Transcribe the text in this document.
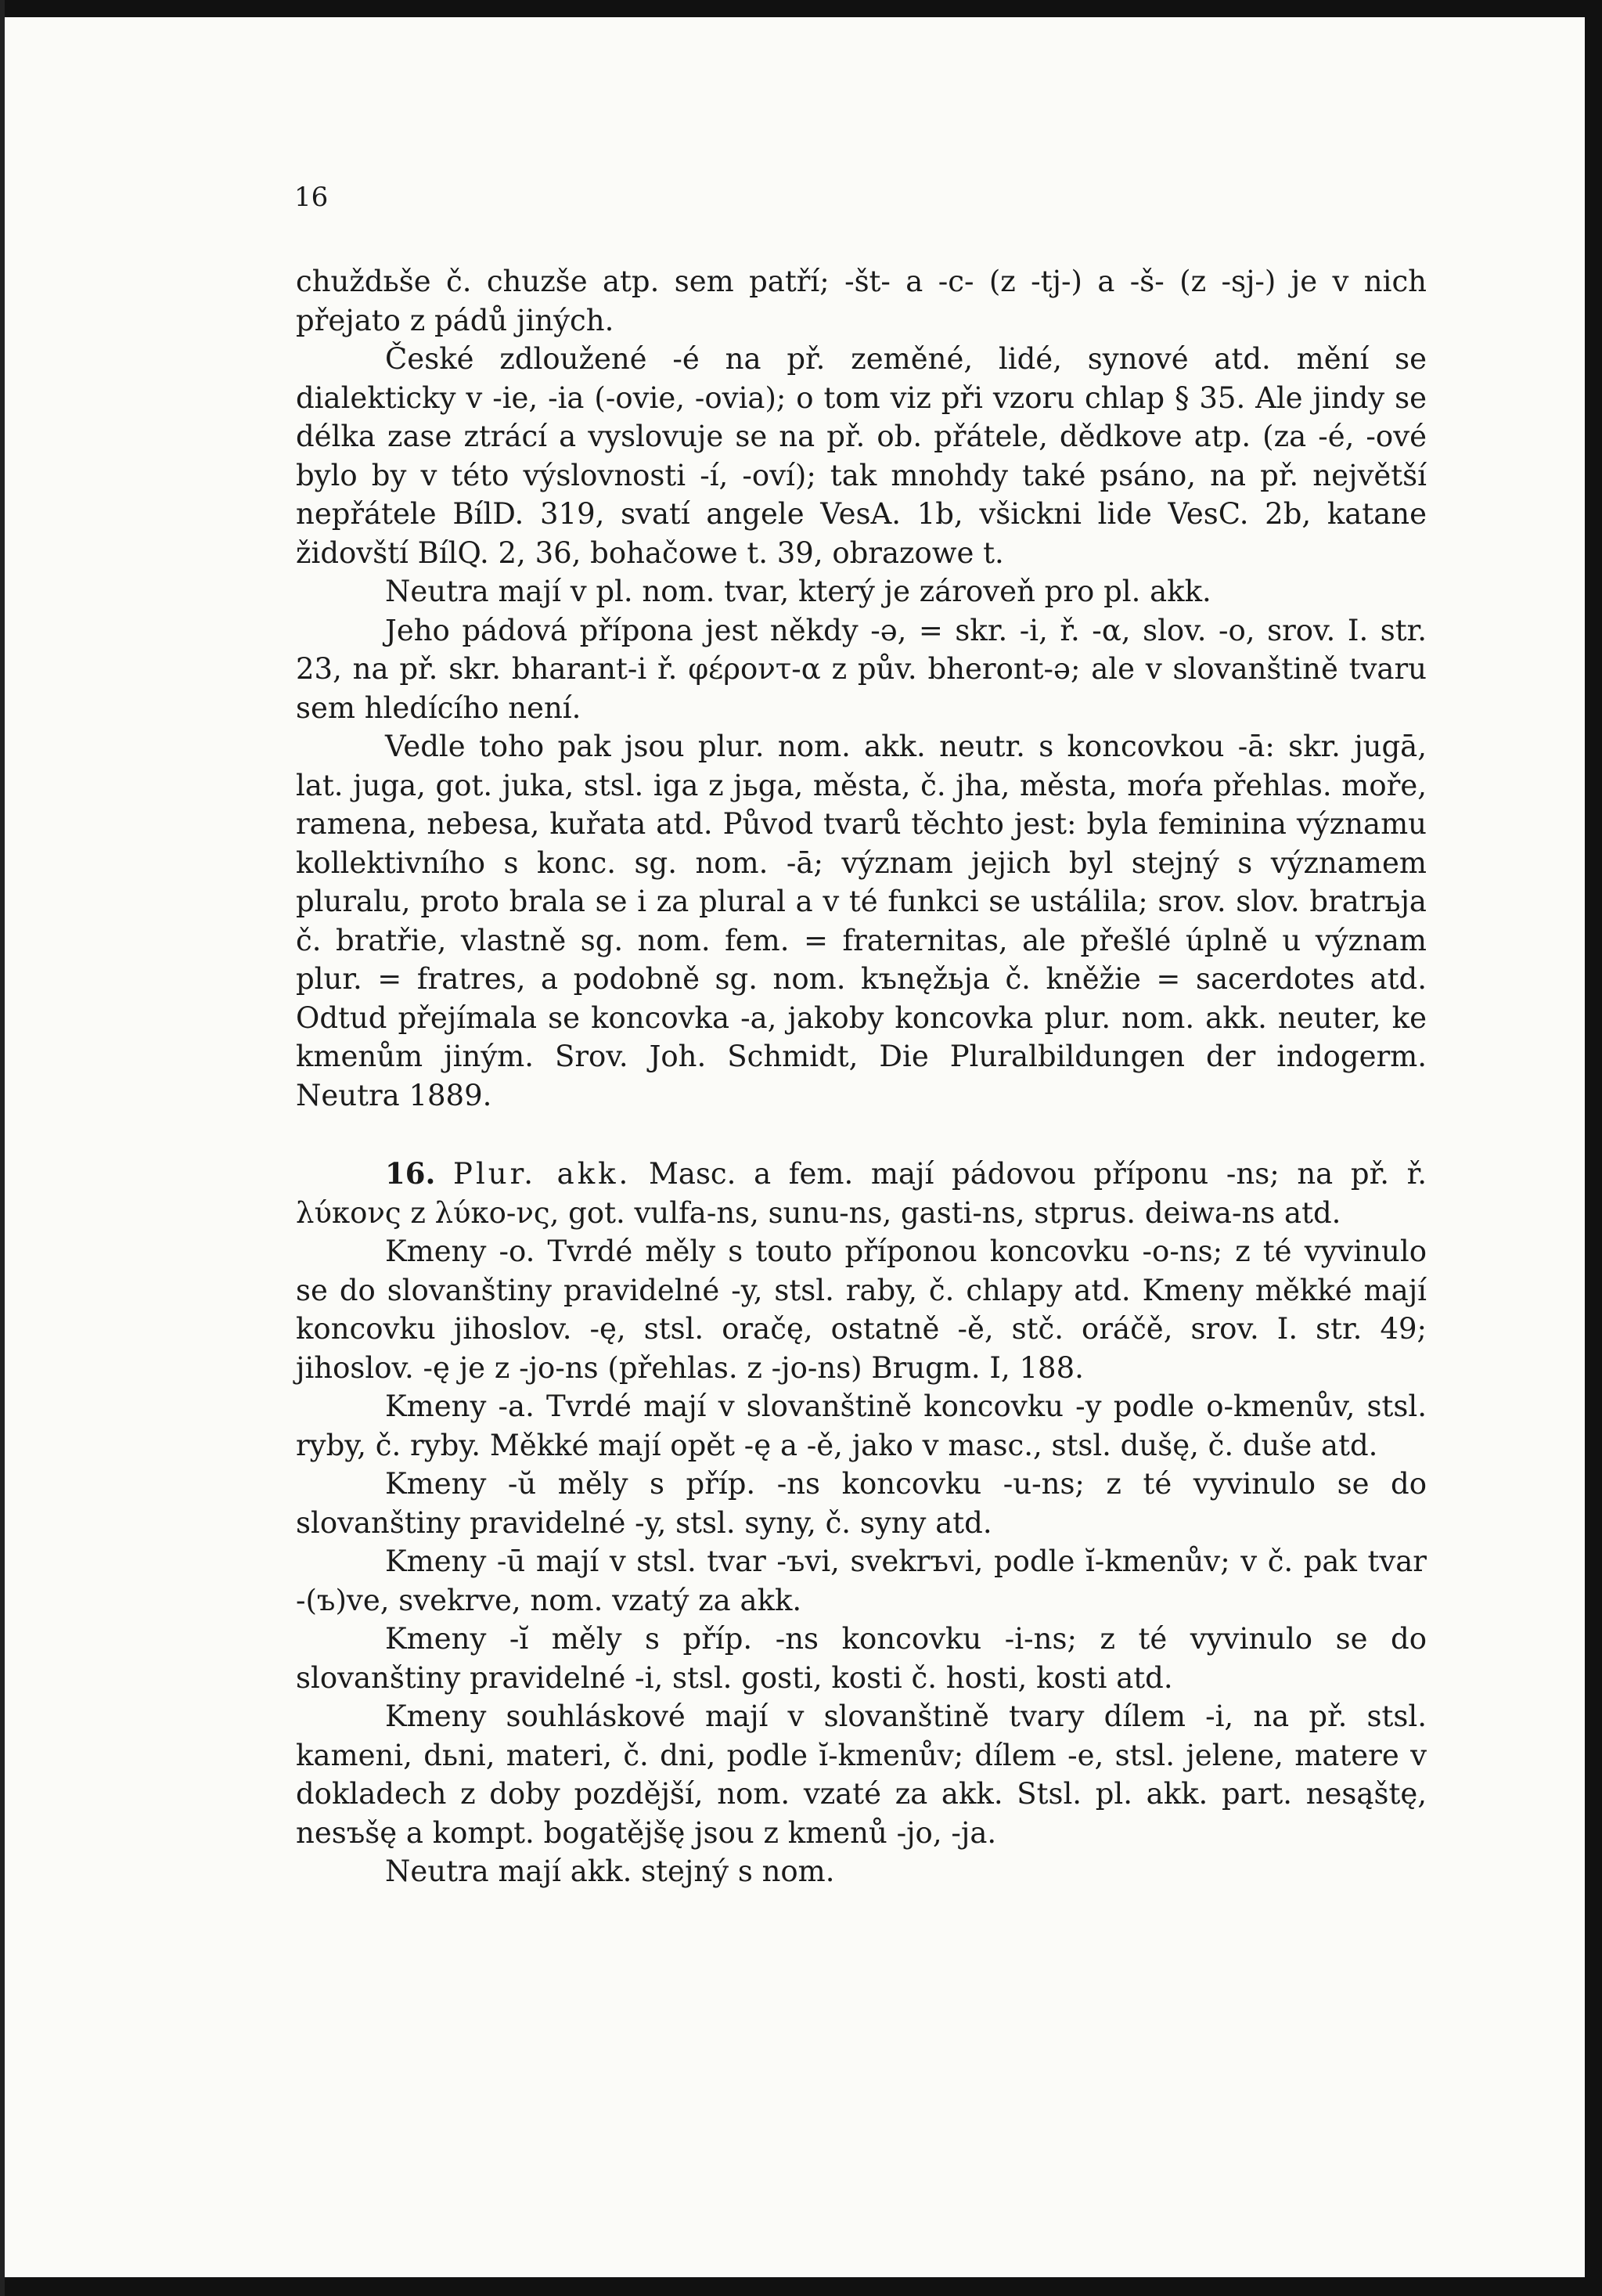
16

chuždьše č. chuzše atp. sem patří; -št- a -c- (z -tj-) a -š- (z -sj-) je v nich přejato z pádů jiných.

České zdloužené -é na př. zeměné, lidé, synové atd. mění se dialekticky v -ie, -ia (-ovie, -ovia); o tom viz při vzoru chlap § 35. Ale jindy se délka zase ztrácí a vyslovuje se na př. ob. přátele, dědkove atp. (za -é, -ové bylo by v této výslovnosti -í, -oví); tak mnohdy také psáno, na př. největší nepřátele BílD. 319, svatí angele VesA. 1b, všickni lide VesC. 2b, katane židovští BílQ. 2, 36, bohačowe t. 39, obrazowe t.

Neutra mají v pl. nom. tvar, který je zároveň pro pl. akk.

Jeho pádová přípona jest někdy -ə, = skr. -i, ř. -α, slov. -o, srov. I. str. 23, na př. skr. bharant-i ř. φέροντ-α z pův. bheront-ə; ale v slovanštině tvaru sem hledícího není.

Vedle toho pak jsou plur. nom. akk. neutr. s koncovkou -ā: skr. jugā, lat. juga, got. juka, stsl. iga z jьga, města, č. jha, města, moŕa přehlas. moře, ramena, nebesa, kuřata atd. Původ tvarů těchto jest: byla feminina významu kollektivního s konc. sg. nom. -ā; význam jejich byl stejný s významem pluralu, proto brala se i za plural a v té funkci se ustálila; srov. slov. bratrьja č. bratřie, vlastně sg. nom. fem. = fraternitas, ale přešlé úplně u význam plur. = fratres, a podobně sg. nom. kъnęžьja č. kněžie = sacerdotes atd. Odtud přejímala se koncovka -a, jakoby koncovka plur. nom. akk. neuter, ke kmenům jiným. Srov. Joh. Schmidt, Die Pluralbildungen der indogerm. Neutra 1889.

16. Plur. akk. Masc. a fem. mají pádovou příponu -ns; na př. ř. λύκονς z λύκο-νς, got. vulfa-ns, sunu-ns, gasti-ns, stprus. deiwa-ns atd.

Kmeny -o. Tvrdé měly s touto příponou koncovku -o-ns; z té vyvinulo se do slovanštiny pravidelné -y, stsl. raby, č. chlapy atd. Kmeny měkké mají koncovku jihoslov. -ę, stsl. oračę, ostatně -ě, stč. oráčě, srov. I. str. 49; jihoslov. -ę je z -jo-ns (přehlas. z -jo-ns) Brugm. I, 188.

Kmeny -a. Tvrdé mají v slovanštině koncovku -y podle o-kmenův, stsl. ryby, č. ryby. Měkké mají opět -ę a -ě, jako v masc., stsl. dušę, č. duše atd.

Kmeny -ŭ měly s příp. -ns koncovku -u-ns; z té vyvinulo se do slovanštiny pravidelné -y, stsl. syny, č. syny atd.

Kmeny -ū mají v stsl. tvar -ъvi, svekrъvi, podle ĭ-kmenův; v č. pak tvar -(ъ)ve, svekrve, nom. vzatý za akk.

Kmeny -ĭ měly s příp. -ns koncovku -i-ns; z té vyvinulo se do slovanštiny pravidelné -i, stsl. gosti, kosti č. hosti, kosti atd.

Kmeny souhláskové mají v slovanštině tvary dílem -i, na př. stsl. kameni, dьni, materi, č. dni, podle ĭ-kmenův; dílem -e, stsl. jelene, matere v dokladech z doby pozdější, nom. vzaté za akk. Stsl. pl. akk. part. nesąštę, nesъšę a kompt. bogatějšę jsou z kmenů -jo, -ja.

Neutra mají akk. stejný s nom.
